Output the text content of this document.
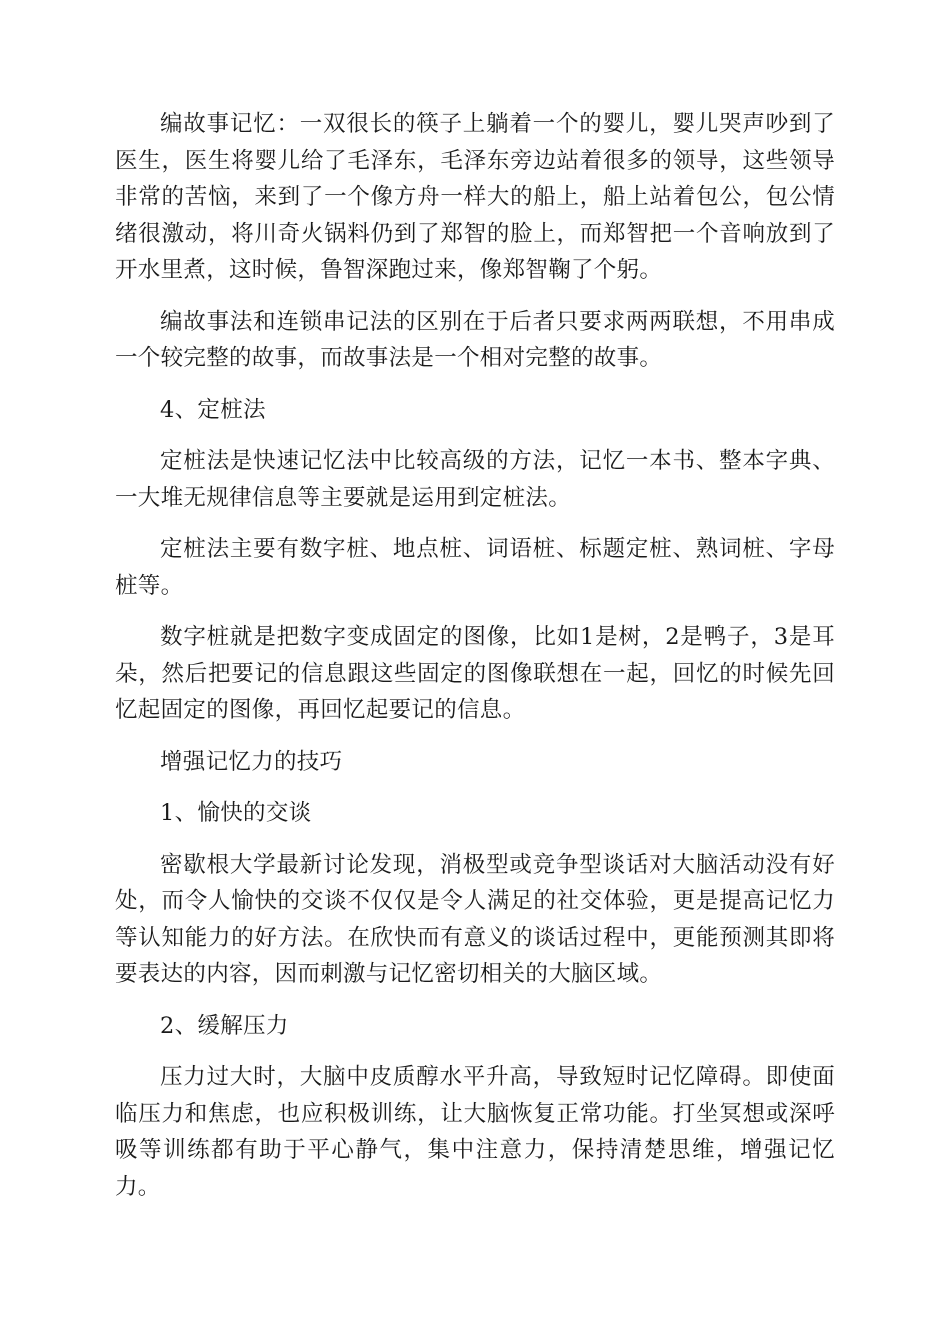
编故事记忆：一双很长的筷子上躺着一个的婴儿，婴儿哭声吵到了医生，医生将婴儿给了毛泽东，毛泽东旁边站着很多的领导，这些领导非常的苦恼，来到了一个像方舟一样大的船上，船上站着包公，包公情绪很激动，将川奇火锅料仍到了郑智的脸上，而郑智把一个音响放到了开水里煮，这时候，鲁智深跑过来，像郑智鞠了个躬。

编故事法和连锁串记法的区别在于后者只要求两两联想，不用串成一个较完整的故事，而故事法是一个相对完整的故事。

4、定桩法

定桩法是快速记忆法中比较高级的方法，记忆一本书、整本字典、一大堆无规律信息等主要就是运用到定桩法。

定桩法主要有数字桩、地点桩、词语桩、标题定桩、熟词桩、字母桩等。

数字桩就是把数字变成固定的图像，比如1是树，2是鸭子，3是耳朵，然后把要记的信息跟这些固定的图像联想在一起，回忆的时候先回忆起固定的图像，再回忆起要记的信息。

增强记忆力的技巧

1、愉快的交谈

密歇根大学最新讨论发现，消极型或竞争型谈话对大脑活动没有好处，而令人愉快的交谈不仅仅是令人满足的社交体验，更是提高记忆力等认知能力的好方法。在欣快而有意义的谈话过程中，更能预测其即将要表达的内容，因而刺激与记忆密切相关的大脑区域。

2、缓解压力

压力过大时，大脑中皮质醇水平升高，导致短时记忆障碍。即使面临压力和焦虑，也应积极训练，让大脑恢复正常功能。打坐冥想或深呼吸等训练都有助于平心静气，集中注意力，保持清楚思维，增强记忆力。
